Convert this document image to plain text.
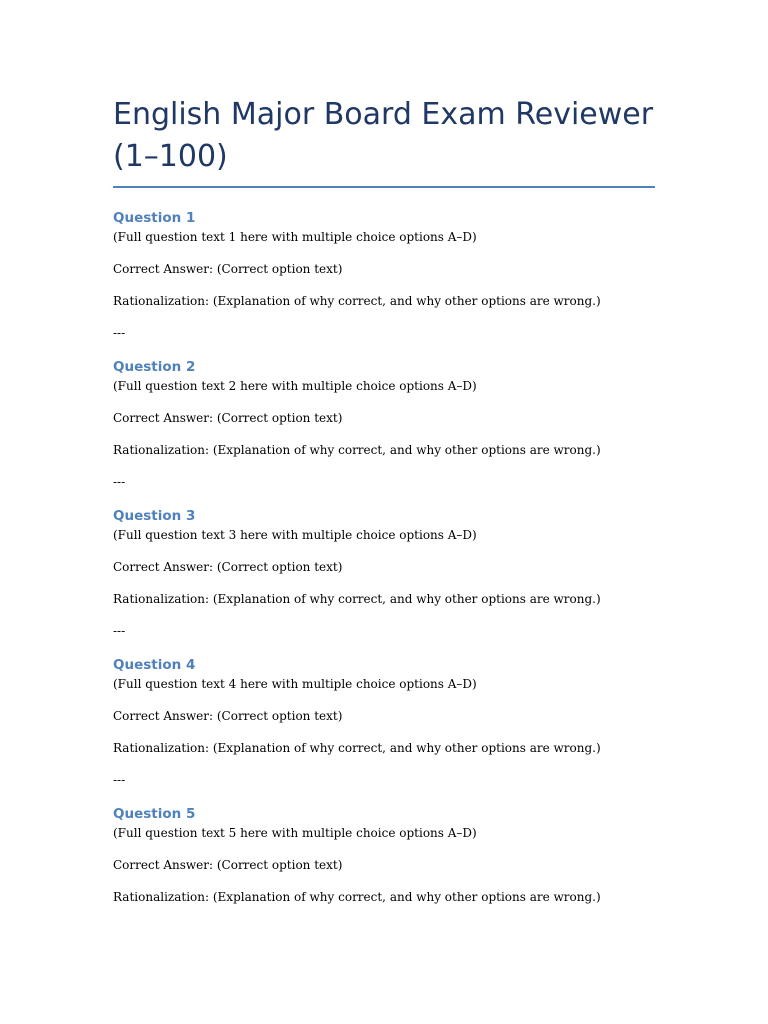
English Major Board Exam Reviewer (1–100)

Question 1

(Full question text 1 here with multiple choice options A–D)

Correct Answer: (Correct option text)

Rationalization: (Explanation of why correct, and why other options are wrong.)

---

Question 2

(Full question text 2 here with multiple choice options A–D)

Correct Answer: (Correct option text)

Rationalization: (Explanation of why correct, and why other options are wrong.)

---

Question 3

(Full question text 3 here with multiple choice options A–D)

Correct Answer: (Correct option text)

Rationalization: (Explanation of why correct, and why other options are wrong.)

---

Question 4

(Full question text 4 here with multiple choice options A–D)

Correct Answer: (Correct option text)

Rationalization: (Explanation of why correct, and why other options are wrong.)

---

Question 5

(Full question text 5 here with multiple choice options A–D)

Correct Answer: (Correct option text)

Rationalization: (Explanation of why correct, and why other options are wrong.)
